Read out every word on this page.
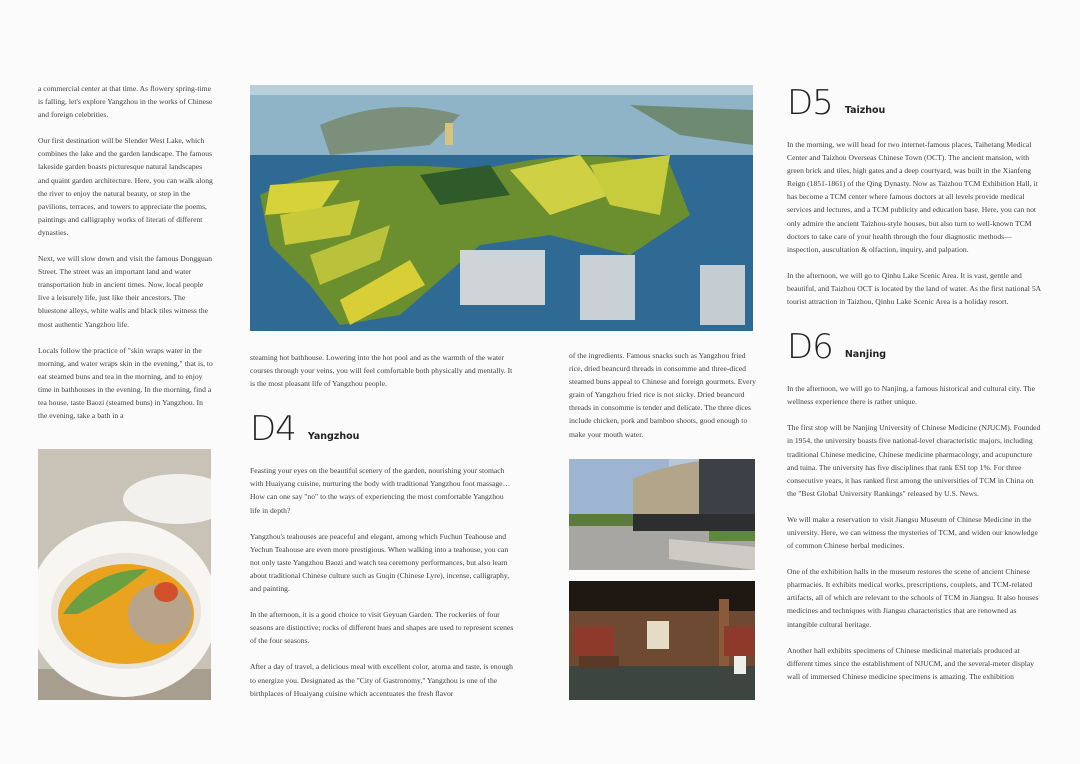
a commercial center at that time. As flowery spring-time is falling, let's explore Yangzhou in the works of Chinese and foreign celebrities.

Our first destination will be Slender West Lake, which combines the lake and the garden landscape. The famous lakeside garden boasts picturesque natural landscapes and quaint garden architecture. Here, you can walk along the river to enjoy the natural beauty, or step in the pavilions, terraces, and towers to appreciate the poems, paintings and calligraphy works of literati of different dynasties.

Next, we will slow down and visit the famous Dongguan Street. The street was an important land and water transportation hub in ancient times. Now, local people live a leisurely life, just like their ancestors. The bluestone alleys, white walls and black tiles witness the most authentic Yangzhou life.

Locals follow the practice of "skin wraps water in the morning, and water wraps skin in the evening," that is, to eat steamed buns and tea in the morning, and to enjoy time in bathhouses in the evening. In the morning, find a tea house, taste Baozi (steamed buns) in Yangzhou. In the evening, take a bath in a

steaming hot bathhouse. Lowering into the hot pool and as the warmth of the water courses through your veins, you will feel comfortable both physically and mentally. It is the most pleasant life of Yangzhou people.

D4 Yangzhou

Feasting your eyes on the beautiful scenery of the garden, nourishing your stomach with Huaiyang cuisine, nurturing the body with traditional Yangzhou foot massage… How can one say "no" to the ways of experiencing the most comfortable Yangzhou life in depth?

Yangzhou's teahouses are peaceful and elegant, among which Fuchun Teahouse and Yechun Teahouse are even more prestigious. When walking into a teahouse, you can not only taste Yangzhou Baozi and watch tea ceremony performances, but also learn about traditional Chinese culture such as Guqin (Chinese Lyre), incense, calligraphy, and painting.

In the afternoon, it is a good choice to visit Geyuan Garden. The rockeries of four seasons are distinctive; rocks of different hues and shapes are used to represent scenes of the four seasons.

After a day of travel, a delicious meal with excellent color, aroma and taste, is enough to energize you. Designated as the "City of Gastronomy," Yangzhou is one of the birthplaces of Huaiyang cuisine which accentuates the fresh flavor

of the ingredients. Famous snacks such as Yangzhou fried rice, dried beancurd threads in consomme and three-diced steamed buns appeal to Chinese and foreign gourmets. Every grain of Yangzhou fried rice is not sticky. Dried beancurd threads in consomme is tender and delicate. The three dices include chicken, pork and bamboo shoots, good enough to make your mouth water.

D5 Taizhou

In the morning, we will head for two internet-famous places, Taihetang Medical Center and Taizhou Overseas Chinese Town (OCT). The ancient mansion, with green brick and tiles, high gates and a deep courtyard, was built in the Xianfeng Reign (1851-1861) of the Qing Dynasty. Now as Taizhou TCM Exhibition Hall, it has become a TCM center where famous doctors at all levels provide medical services and lectures, and a TCM publicity and education base. Here, you can not only admire the ancient Taizhou-style houses, but also turn to well-known TCM doctors to take care of your health through the four diagnostic methods—inspection, auscultation & olfaction, inquiry, and palpation.

In the afternoon, we will go to Qinhu Lake Scenic Area. It is vast, gentle and beautiful, and Taizhou OCT is located by the land of water. As the first national 5A tourist attraction in Taizhou, Qinhu Lake Scenic Area is a holiday resort.

D6 Nanjing

In the afternoon, we will go to Nanjing, a famous historical and cultural city. The wellness experience there is rather unique.

The first stop will be Nanjing University of Chinese Medicine (NJUCM). Founded in 1954, the university boasts five national-level characteristic majors, including traditional Chinese medicine, Chinese medicine pharmacology, and acupuncture and tuina. The university has five disciplines that rank ESI top 1%. For three consecutive years, it has ranked first among the universities of TCM in China on the "Best Global University Rankings" released by U.S. News.

We will make a reservation to visit Jiangsu Museum of Chinese Medicine in the university. Here, we can witness the mysteries of TCM, and widen our knowledge of common Chinese herbal medicines.

One of the exhibition halls in the museum restores the scene of ancient Chinese pharmacies. It exhibits medical works, prescriptions, couplets, and TCM-related artifacts, all of which are relevant to the schools of TCM in Jiangsu. It also houses medicines and techniques with Jiangsu characteristics that are renowned as intangible cultural heritage.

Another hall exhibits specimens of Chinese medicinal materials produced at different times since the establishment of NJUCM, and the several-meter display wall of immersed Chinese medicine specimens is amazing. The exhibition
